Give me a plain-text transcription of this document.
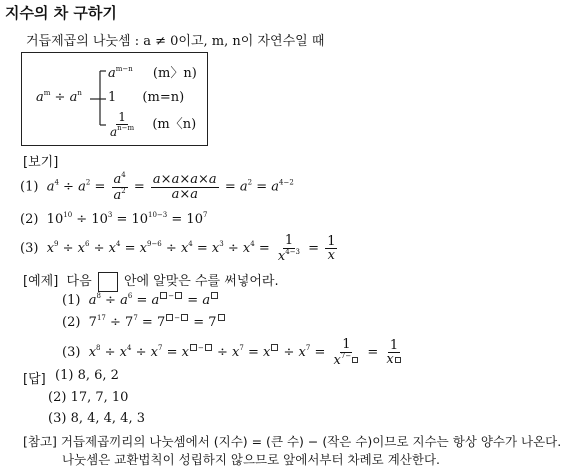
지수의 차 구하기
거듭제곱의 나눗셈 : a ≠ 0이고, m, n이 자연수일 때
$a^m \div a^n$
$a^{m-n}$ (m〉n)
1 (m=n)
$\frac{1}{a^{n-m}} (m$〈n)
[보기]
(1) $a^4 \div a^2 = \frac{a^4}{a^2} = \frac{a\times a\times a\times a}{a\times a} = a^2 = a^{4-2}$
(2)  $10^{10} \div 10^3 = 10^{10-3} = 10^7$
(3) $x^9 \div x^6 \div x^4 = x^{9-6} \div x^4 = x^3 \div x^4 = \frac{1}{x^{4-3}} = \frac{1}{x}$
[예제] 다음 안에 알맞은 수를 써넣어라.
(1) $a^8 \div a^6 = a$ − = a
(2)  $7^{17} \div 7^7 = 7$ − = 7
(3) $x^8 \div x^4 \div x^7 = x$ $^- \div x^7 = x \div x^7 = \frac{1}{x^{7-}} = \frac{1}{x}$
[답] (1) 8, 6, 2
(2) 17, 7, 10
(3) 8, 4, 4, 4, 3
[참고] 거듭제곱끼리의 나눗셈에서 (지수) = (큰 수) − (작은 수)이므로 지수는 항상 양수가 나온다.
나눗셈은 교환법칙이 성립하지 않으므로 앞에서부터 차례로 계산한다.
